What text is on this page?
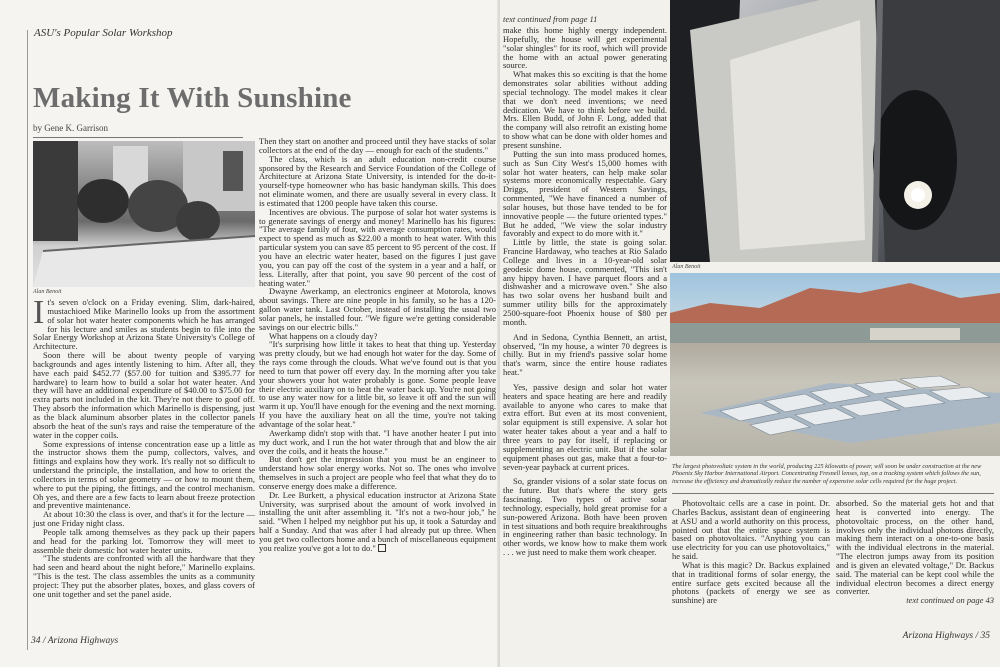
ASU's Popular Solar Workshop
Making It With Sunshine
by Gene K. Garrison
Alan Benoit

It's seven o'clock on a Friday evening. Slim, dark-haired, mustachioed Mike Marinello looks up from the assortment of solar hot water heater components which he has arranged for his lecture and smiles as students begin to file into the Solar Energy Workshop at Arizona State University's College of Architecture.

Soon there will be about twenty people of varying backgrounds and ages intently listening to him. After all, they have each paid $452.77 ($57.00 for tuition and $395.77 for hardware) to learn how to build a solar hot water heater. And they will have an additional expenditure of $40.00 to $75.00 for extra parts not included in the kit. They're not there to goof off. They absorb the information which Marinello is dispensing, just as the black aluminum absorber plates in the collector panels absorb the heat of the sun's rays and raise the temperature of the water in the copper coils.

Some expressions of intense concentration ease up a little as the instructor shows them the pump, collectors, valves, and fittings and explains how they work. It's really not so difficult to understand the principle, the installation, and how to orient the collectors in terms of solar geometry — or how to mount them, where to put the piping, the fittings, and the control mechanism. Oh yes, and there are a few facts to learn about freeze protection and preventive maintenance.

At about 10:30 the class is over, and that's it for the lecture — just one Friday night class.

People talk among themselves as they pack up their papers and head for the parking lot. Tomorrow they will meet to assemble their domestic hot water heater units.

"The students are confronted with all the hardware that they had seen and heard about the night before," Marinello explains. "This is the test. The class assembles the units as a community project: They put the absorber plates, boxes, and glass covers of one unit together and set the panel aside.

Then they start on another and proceed until they have stacks of solar collectors at the end of the day — enough for each of the students."

The class, which is an adult education non-credit course sponsored by the Research and Service Foundation of the College of Architecture at Arizona State University, is intended for the do-it-yourself-type homeowner who has basic handyman skills. This does not eliminate women, and there are usually several in every class. It is estimated that 1200 people have taken this course.

Incentives are obvious. The purpose of solar hot water systems is to generate savings of energy and money! Marinello has his figures: "The average family of four, with average consumption rates, would expect to spend as much as $22.00 a month to heat water. With this particular system you can save 85 percent to 95 percent of the cost. If you have an electric water heater, based on the figures I just gave you, you can pay off the cost of the system in a year and a half, or less. Literally, after that point, you save 90 percent of the cost of heating water."

Dwayne Awerkamp, an electronics engineer at Motorola, knows about savings. There are nine people in his family, so he has a 120-gallon water tank. Last October, instead of installing the usual two solar panels, he installed four. "We figure we're getting considerable savings on our electric bills."

What happens on a cloudy day?

"It's surprising how little it takes to heat that thing up. Yesterday was pretty cloudy, but we had enough hot water for the day. Some of the rays come through the clouds. What we've found out is that you need to turn that power off every day. In the morning after you take your showers your hot water probably is gone. Some people leave their electric auxiliary on to heat the water back up. You're not going to use any water now for a little bit, so leave it off and the sun will warm it up. You'll have enough for the evening and the next morning. If you have the auxiliary heat on all the time, you're not taking advantage of the solar heat."

Awerkamp didn't stop with that. "I have another heater I put into my duct work, and I run the hot water through that and blow the air over the coils, and it heats the house."

But don't get the impression that you must be an engineer to understand how solar energy works. Not so. The ones who involve themselves in such a project are people who feel that what they do to conserve energy does make a difference.

Dr. Lee Burkett, a physical education instructor at Arizona State University, was surprised about the amount of work involved in installing the unit after assembling it. "It's not a two-hour job," he said. "When I helped my neighbor put his up, it took a Saturday and half a Sunday. And that was after I had already put up three. When you get two collectors home and a bunch of miscellaneous equipment you realize you've got a lot to do."

34 / Arizona Highways
text continued from page 11

make this home highly energy independent. Hopefully, the house will get experimental "solar shingles" for its roof, which will provide the home with an actual power generating source.

What makes this so exciting is that the home demonstrates solar abilities without adding special technology. The model makes it clear that we don't need inventions; we need dedication. We have to think before we build. Mrs. Ellen Budd, of John F. Long, added that the company will also retrofit an existing home to show what can be done with older homes and present sunshine.

Putting the sun into mass produced homes, such as Sun City West's 15,000 homes with solar hot water heaters, can help make solar systems more economically respectable. Gary Driggs, president of Western Savings, commented, "We have financed a number of solar houses, but those have tended to be for innovative people — the future oriented types." But he added, "We view the solar industry favorably and expect to do more with it."

Little by little, the state is going solar. Francine Hardaway, who teaches at Rio Salado College and lives in a 10-year-old solar geodesic dome house, commented, "This isn't any hippy haven. I have parquet floors and a dishwasher and a microwave oven." She also has two solar ovens her husband built and summer utility bills for the approximately 2500-square-foot Phoenix house of $80 per month.

And in Sedona, Cynthia Bennett, an artist, observed, "In my house, a winter 70 degrees is chilly. But in my friend's passive solar home that's warm, since the entire house radiates heat."

Yes, passive design and solar hot water heaters and space heating are here and readily available to anyone who cares to make that extra effort. But even at its most convenient, solar equipment is still expensive. A solar hot water heater takes about a year and a half to three years to pay for itself, if replacing or supplementing an electric unit. But if the solar equipment phases out gas, make that a four-to-seven-year payback at current prices.

So, grander visions of a solar state focus on the future. But that's where the story gets fascinating. Two types of active solar technology, especially, hold great promise for a sun-powered Arizona. Both have been proven in test situations and both require breakthroughs in engineering rather than basic technology. In other words, we know how to make them work . . . we just need to make them work cheaper.

Alan Benoit
The largest photovoltaic system in the world, producing 225 kilowatts of power, will soon be under construction at the new Phoenix Sky Harbor International Airport. Concentrating Fresnell lenses, top, on a tracking system which follows the sun, increase the efficiency and dramatically reduce the number of expensive solar cells required for the huge project.

Photovoltaic cells are a case in point. Dr. Charles Backus, assistant dean of engineering at ASU and a world authority on this process, pointed out that the entire space system is based on photovoltaics. "Anything you can use electricity for you can use photovoltaics," he said.

What is this magic? Dr. Backus explained that in traditional forms of solar energy, the entire surface gets excited because all the photons (packets of energy we see as sunshine) are

absorbed. So the material gets hot and that heat is converted into energy. The photovoltaic process, on the other hand, involves only the individual photons directly, making them interact on a one-to-one basis with the individual electrons in the material. "The electron jumps away from its position and is given an elevated voltage," Dr. Backus said. The material can be kept cool while the individual electron becomes a direct energy converter.

text continued on page 43

Arizona Highways / 35
